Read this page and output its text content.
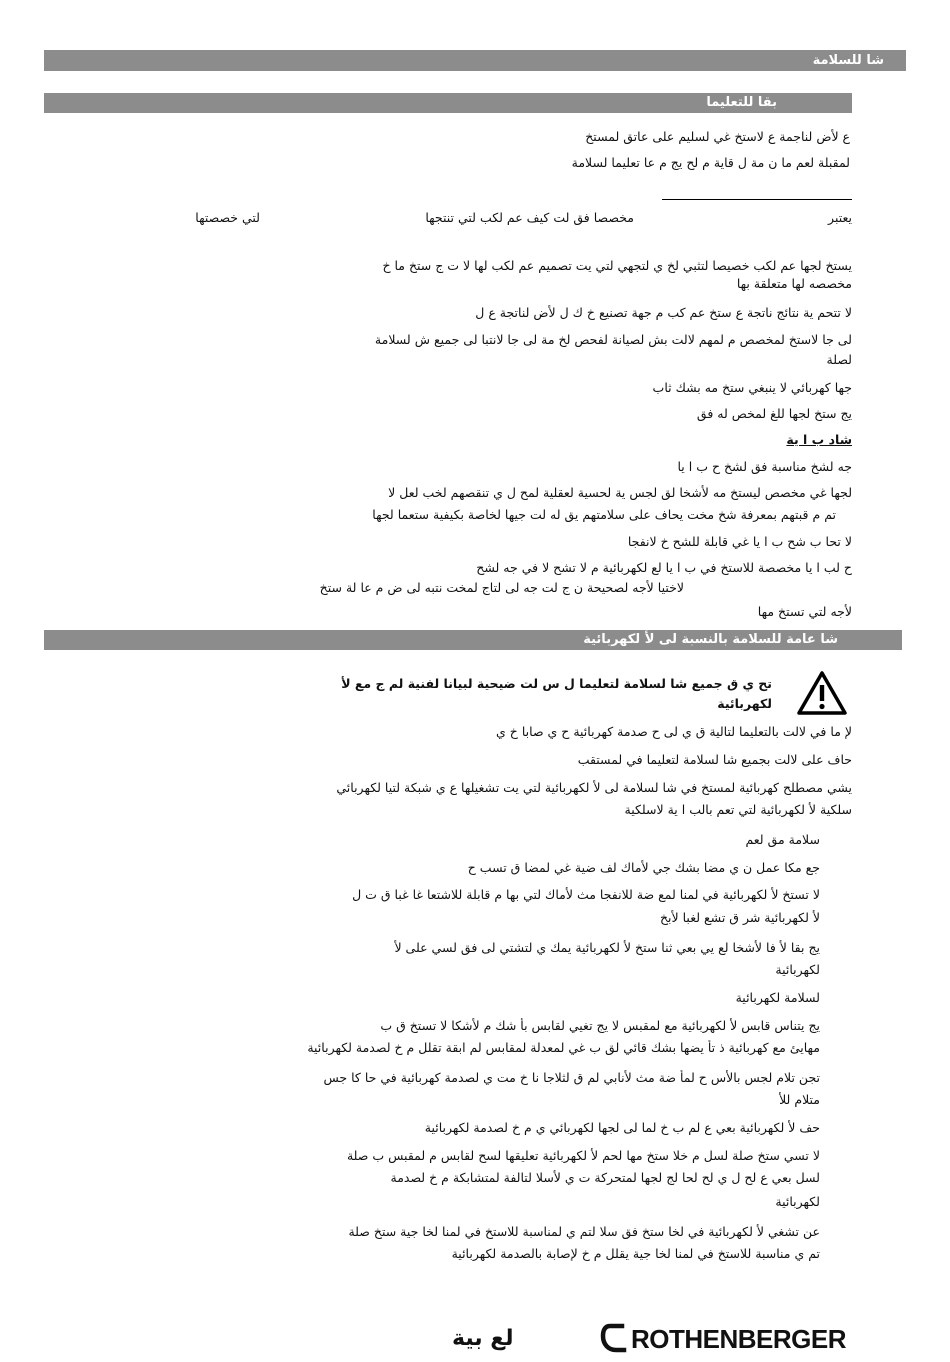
شا للسلامة
بقا للتعليما
ع لأض لناجمة ع لاستخ غي لسليم على عاتق لمستخ
لمقبلة لعم ما ن مة ل قاية م لح يج م عا تعليما لسلامة
يعتبر
مخصصا فق لت كيف عم لكب لتي تنتجها
لتي خصصتها
يستخ لجها عم لكب خصيصا لتثبي لخ ي لتجهي لتي يت تصميم عم لكب لها لا ت ج ستخ ما خ
مخصصه لها متعلقة بها
لا تتحم ية نتائج ناتجة ع ستخ عم كب م جهة تصنيع خ ك ل لأض لناتجة ع ل
لى جا لاستخ لمخصص م لمهم لالت بش لصيانة لفحص لخ مة لى جا لانتبا لى جميع ش لسلامة
لصلة
جها كهربائي لا ينبغي ستخ مه بشك ثاب
يج ستخ لجها للغ لمخص له فق
شاد ب ا ية
جه لشخ مناسبة فق لشخ ح ب ا يا
لجها غي مخصص ليستخ مه لأشخا لق لجس ية لحسية لعقلية لمح ل ي تنقصهم لخب لعل لا
تم م قبتهم بمعرفة شخ مخت يحاف على سلامتهم يق له لت جيها لخاصة بكيفية ستعما لجها
لا تحا ب شح ب ا يا غي قابلة للشح خ لانفجا
ح لب ا يا مخصصة للاستخ في ب ا يا لع لكهربائية م لا تشح لا في جه لشح
لاختيا لأجه لصحيحة ن ج لت جه لى لتاج لمخت نتبه لى ض م عا لة ستخ
لأجه لتي تستخ مها
شا عامة للسلامة بالنسبة لى لأ لكهربائية
تح ي ق جميع شا لسلامة لتعليما ل س لت ضيحية لبيانا لفنية لم ج مع لأ
لكهربائية
لإ ما في لالت بالتعليما لتالية ق ي لى ح صدمة كهربائية ح ي صابا خ ي
حاف على لالت بجميع شا لسلامة لتعليما في لمستقب
يشي مصطلح كهربائية لمستخ في شا لسلامة لى لأ لكهربائية لتي يت تشغيلها ع ي شبكة لتيا لكهربائي
سلكية لأ لكهربائية لتي تعم بالب ا ية لاسلكية
سلامة مق لعم
جع مكا عمل ن ي مضا بشك جي لأماك لف ضية غي لمضا ق تسب ح
لا تستخ لأ لكهربائية في لمنا لمع ضة للانفجا مث لأماك لتي بها م قابلة للاشتعا غا غبا ق ت ل
لأ لكهربائية شر ق تشع لغبا لأبخ
يج بقا لأ فا لأشخا لع يي بعي ثنا ستخ لأ لكهربائية يمك ي لتشتي لى فق لسي على لأ
لكهربائية
لسلامة لكهربائية
يج يتناس قابس لأ لكهربائية مع لمقبس لا يج تغيي لقابس بأ شك م لأشكا لا تستخ ق ب
مهايئ مع كهربائية ذ تأ يضها بشك قائي لق ب غي لمعدلة لمقابس لم ابقة تقلل م خ لصدمة لكهربائية
تجن تلام لجس بالأس ح لمأ ضة مث لأنابي لم ق لثلاجا نا خ مت ي لصدمة كهربائية في حا كا جس
متلام للأ
حف لأ لكهربائية بعي ع لم ب خ لما لى لجها لكهربائي ي م خ لصدمة لكهربائية
لا تسي ستخ صلة لسل م خلا ستخ مها لحم لأ لكهربائية تعليقها لسح لقابس م لمقبس ب صلة
لسل بعي ع لح ل ي لح لحا لج لجها لمتحركة ت ي لأسلا لتالفة لمتشابكة م خ لصدمة
لكهربائية
عن تشغي لأ لكهربائية في لخا ستخ فق سلا لتم ي لمناسبة للاستخ في لمنا لخا جية ستخ صلة
تم ي مناسبة للاستخ في لمنا لخا جية يقلل م خ لإصابة بالصدمة لكهربائية
لع بية	ROTHENBERGER
